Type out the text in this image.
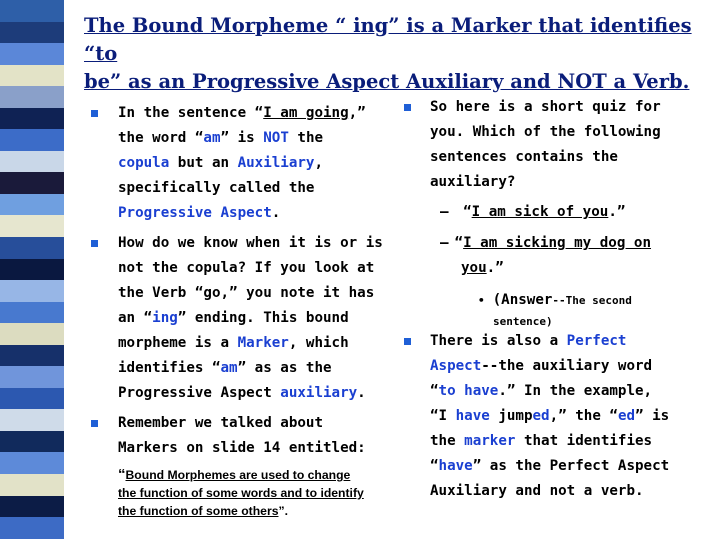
The Bound Morpheme “ ing” is a Marker that identifies “to
be” as an Progressive Aspect Auxiliary and NOT a Verb.
In the sentence “I am going,”
the word “am” is NOT the
copula but an Auxiliary,
specifically called the
Progressive Aspect.
How do we know when it is or is
not the copula? If you look at
the Verb “go,” you note it has
an “ing” ending. This bound
morpheme is a Marker, which
identifies “am” as as the
Progressive Aspect auxiliary.
Remember we talked about
Markers on slide 14 entitled:
“Bound Morphemes are used to change
the function of some words and to identify
the function of some others”.
So here is a short quiz for
you. Which of the following
sentences contains the
auxiliary?
– “I am sick of you.”
– “I am sicking my dog on
you.”
• (Answer--The second
sentence)
There is also a Perfect
Aspect--the auxiliary word
“to have.” In the example,
“I have jumped,” the “ed” is
the marker that identifies
“have” as the Perfect Aspect
Auxiliary and not a verb.
